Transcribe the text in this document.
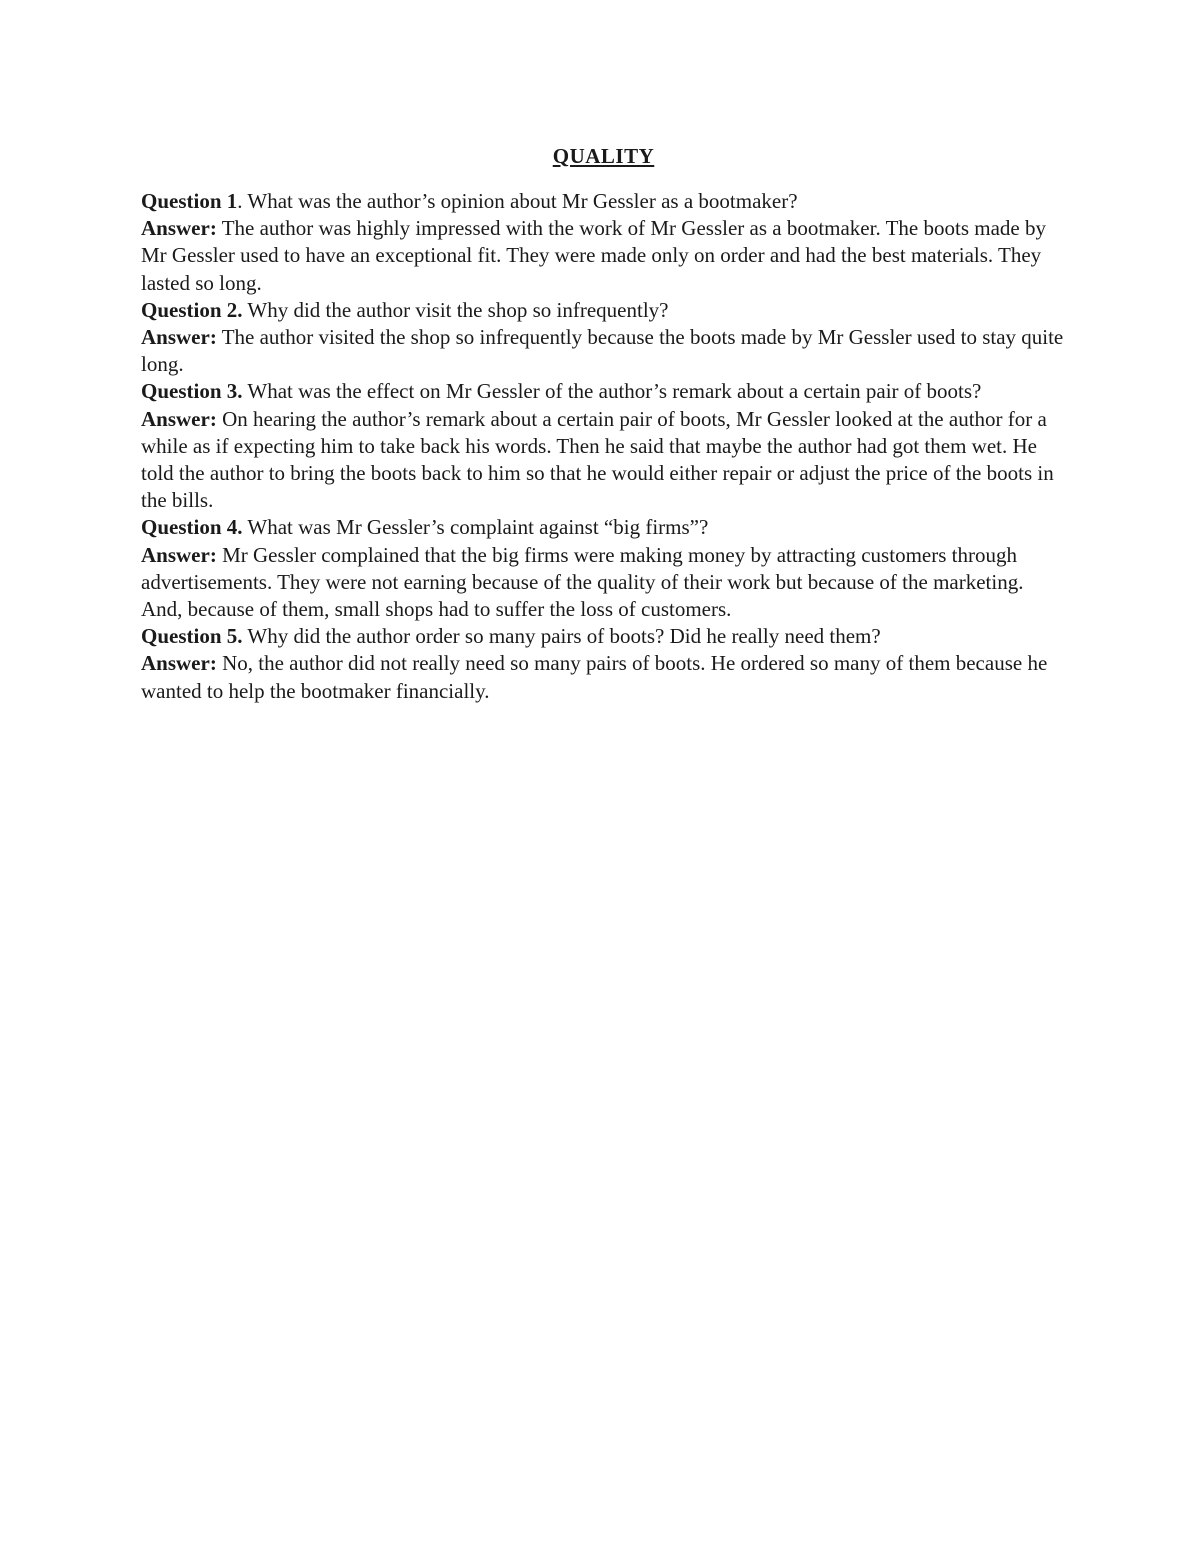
QUALITY

Question 1. What was the author’s opinion about Mr Gessler as a bootmaker?

Answer: The author was highly impressed with the work of Mr Gessler as a bootmaker. The boots made by Mr Gessler used to have an exceptional fit. They were made only on order and had the best materials. They lasted so long.

Question 2. Why did the author visit the shop so infrequently?

Answer: The author visited the shop so infrequently because the boots made by Mr Gessler used to stay quite long.

Question 3. What was the effect on Mr Gessler of the author’s remark about a certain pair of boots?

Answer: On hearing the author’s remark about a certain pair of boots, Mr Gessler looked at the author for a while as if expecting him to take back his words. Then he said that maybe the author had got them wet. He told the author to bring the boots back to him so that he would either repair or adjust the price of the boots in the bills.

Question 4. What was Mr Gessler’s complaint against “big firms”?

Answer: Mr Gessler complained that the big firms were making money by attracting customers through advertisements. They were not earning because of the quality of their work but because of the marketing. And, because of them, small shops had to suffer the loss of customers.

Question 5. Why did the author order so many pairs of boots? Did he really need them?

Answer: No, the author did not really need so many pairs of boots. He ordered so many of them because he wanted to help the bootmaker financially.
